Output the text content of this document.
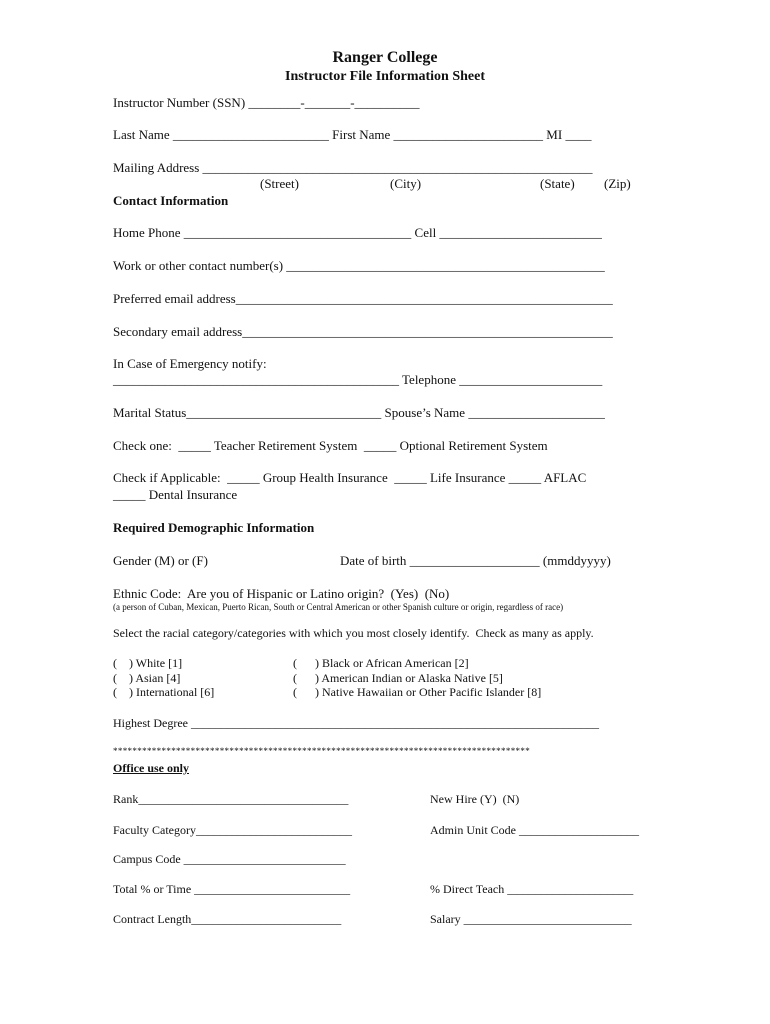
Ranger College
Instructor File Information Sheet
Instructor Number (SSN) ________-_______-__________
Last Name ________________________ First Name _______________________ MI ____
Mailing Address ____________________________________________________________
(Street)	(City)	(State) (Zip)
Contact Information
Home Phone ___________________________________ Cell _________________________
Work or other contact number(s) _________________________________________________
Preferred email address__________________________________________________________
Secondary email address_________________________________________________________
In Case of Emergency notify:
____________________________________________ Telephone ______________________
Marital Status______________________________ Spouse’s Name _____________________
Check one:  _____ Teacher Retirement System  _____ Optional Retirement System
Check if Applicable:  _____ Group Health Insurance  _____ Life Insurance _____ AFLAC
_____ Dental Insurance
Required Demographic Information
Gender (M) or (F)	Date of birth ____________________ (mmddyyyy)
Ethnic Code:  Are you of Hispanic or Latino origin?  (Yes)  (No)
(a person of Cuban, Mexican, Puerto Rican, South or Central American or other Spanish culture or origin, regardless of race)
Select the racial category/categories with which you most closely identify.  Check as many as apply.
(    ) White [1]
(    ) Asian [4]
(    ) International [6]
(      ) Black or African American [2]
(      ) American Indian or Alaska Native [5]
(      ) Native Hawaiian or Other Pacific Islander [8]
Highest Degree ____________________________________________________________________
**************************************************************************************
Office use only
Rank___________________________________	New Hire (Y)  (N)
Faculty Category__________________________	Admin Unit Code ____________________
Campus Code ___________________________
Total % or Time __________________________	% Direct Teach _____________________
Contract Length_________________________	Salary ____________________________
